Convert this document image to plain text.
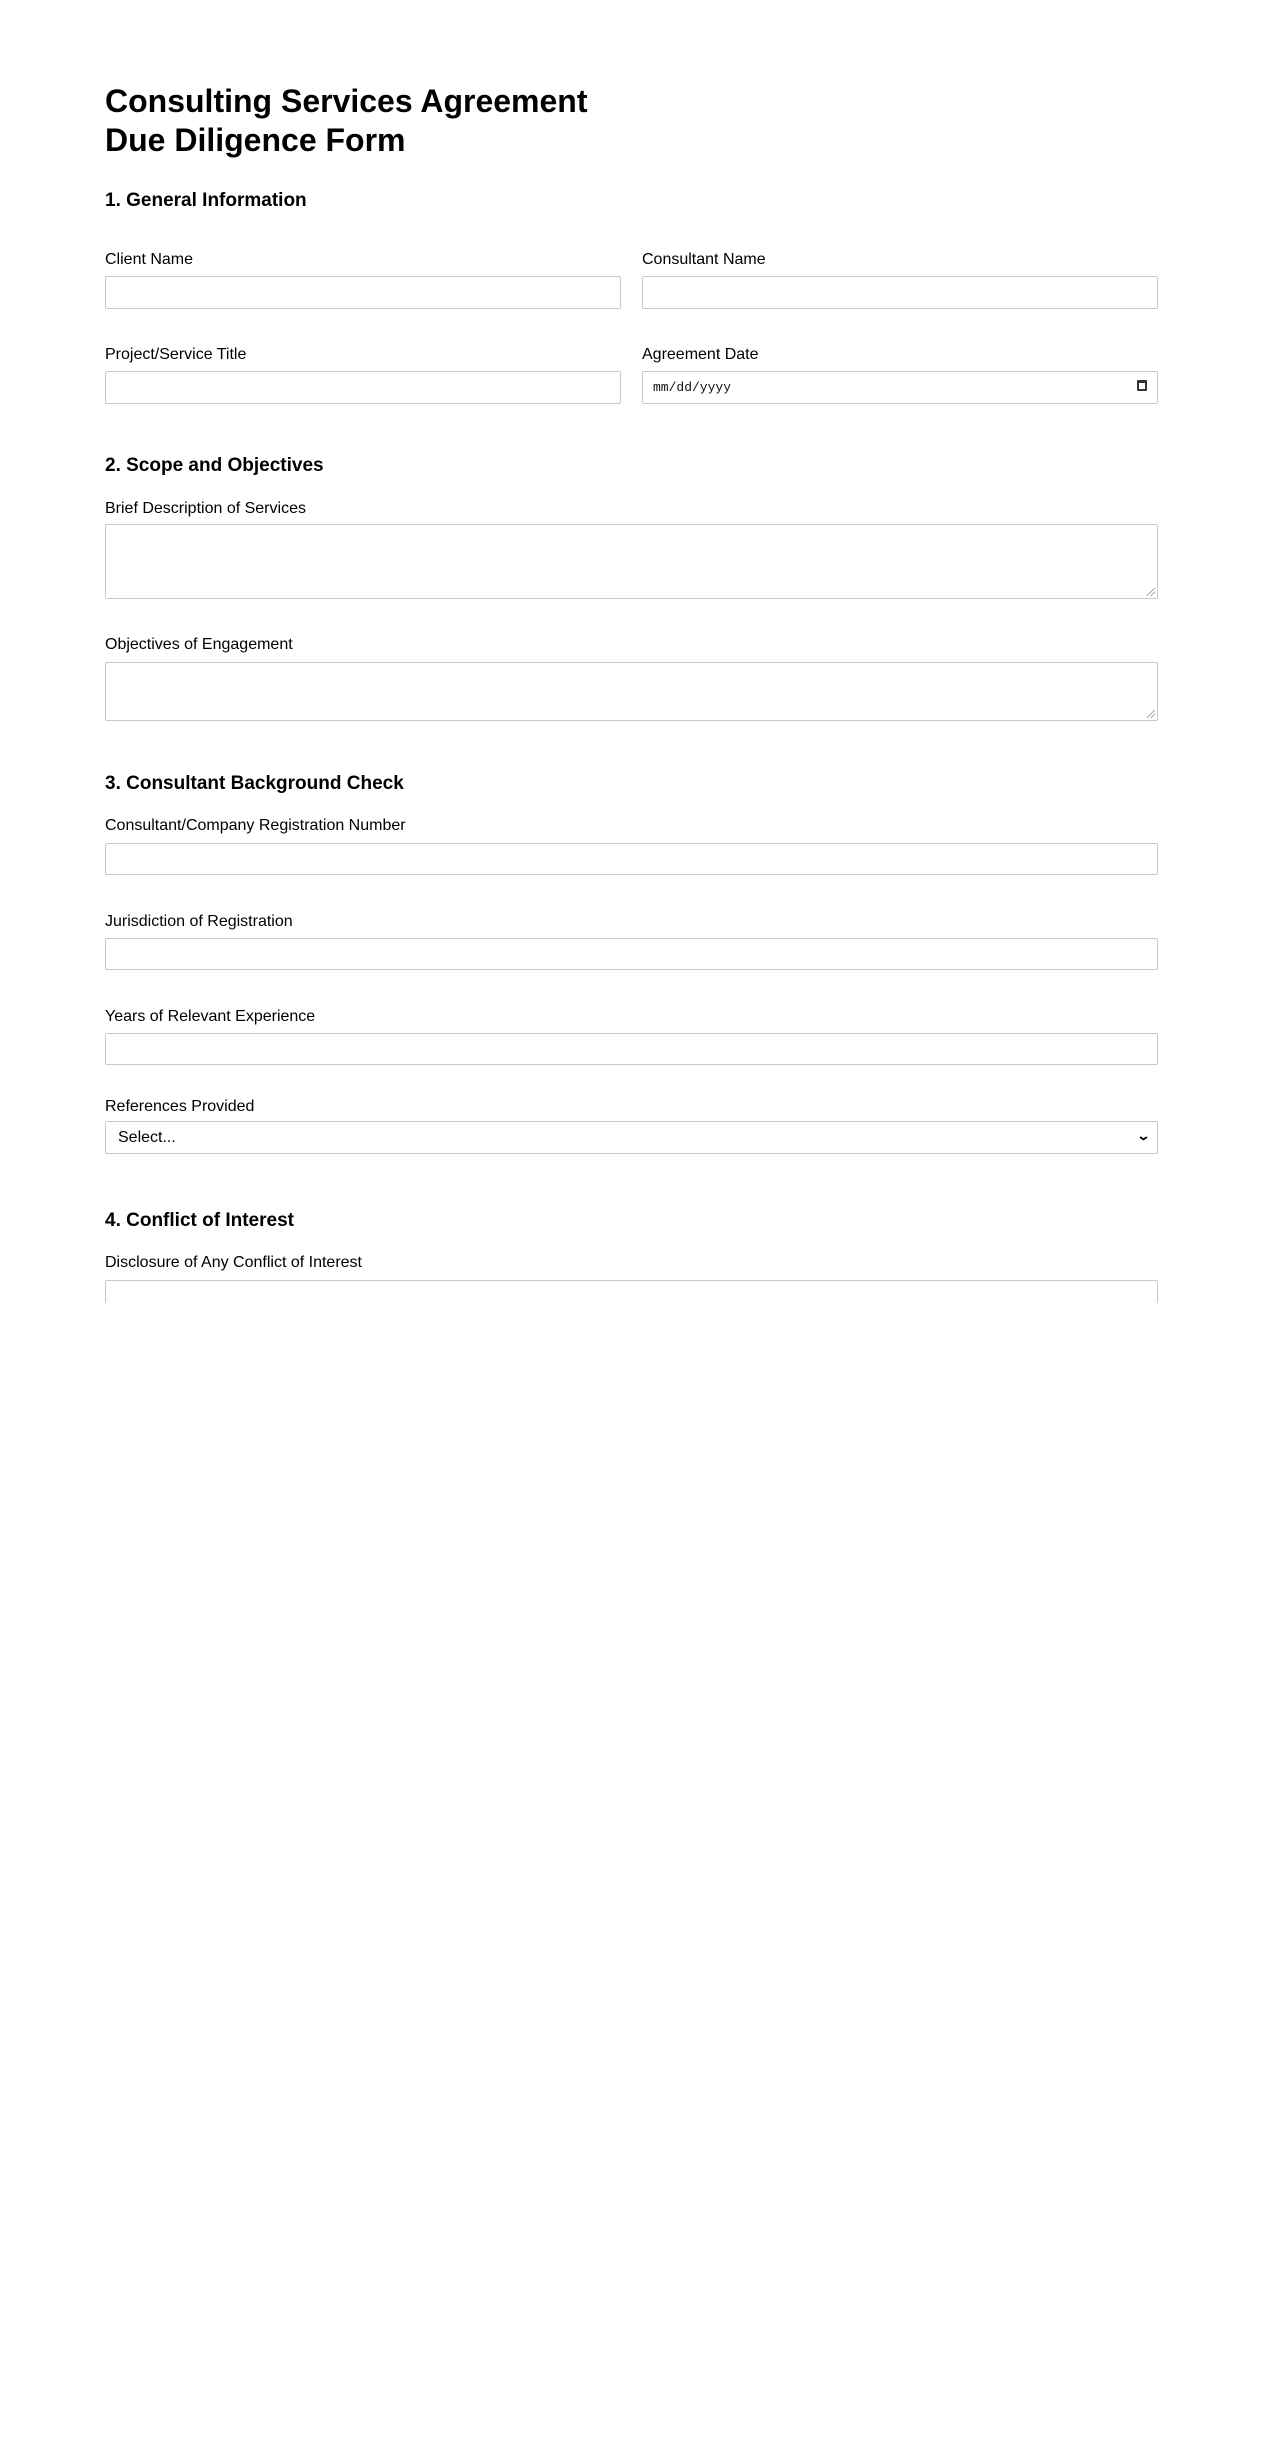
Consulting Services Agreement
Due Diligence Form
1. General Information
Client Name	Consultant Name
Project/Service Title	Agreement Date
mm/dd/yyyy
2. Scope and Objectives
Brief Description of Services
Objectives of Engagement
3. Consultant Background Check
Consultant/Company Registration Number
Jurisdiction of Registration
Years of Relevant Experience
References Provided
Select...	⌄
4. Conflict of Interest
Disclosure of Any Conflict of Interest
